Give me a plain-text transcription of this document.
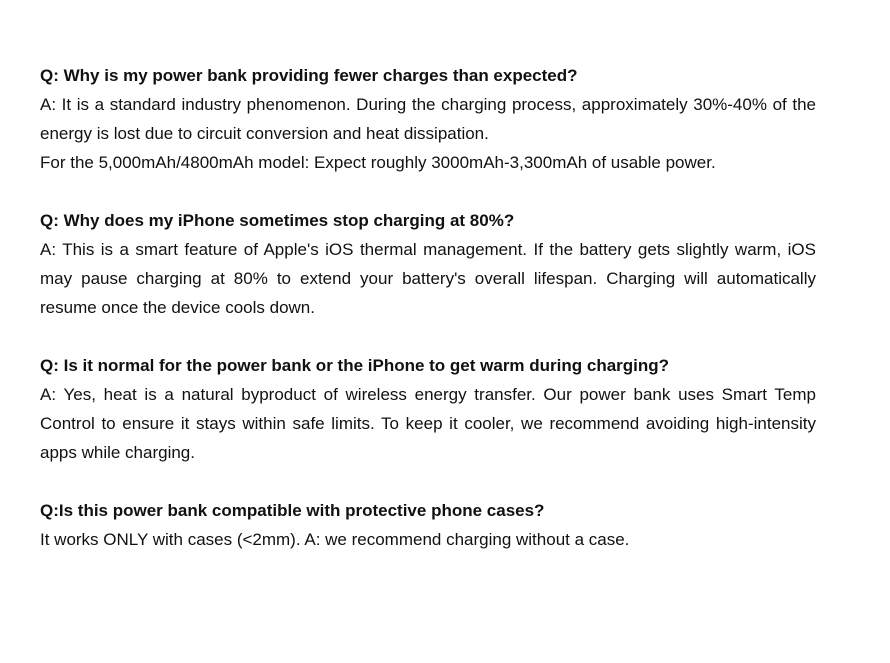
Q: Why is my power bank providing fewer charges than expected?

A: It is a standard industry phenomenon. During the charging process, approximately 30%-40% of the energy is lost due to circuit conversion and heat dissipation.

For the 5,000mAh/4800mAh model: Expect roughly 3000mAh-3,300mAh of usable power.

Q: Why does my iPhone sometimes stop charging at 80%?

A: This is a smart feature of Apple's iOS thermal management. If the battery gets slightly warm, iOS may pause charging at 80% to extend your battery's overall lifespan. Charging will automatically resume once the device cools down.

Q: Is it normal for the power bank or the iPhone to get warm during charging?

A: Yes, heat is a natural byproduct of wireless energy transfer. Our power bank uses Smart Temp Control to ensure it stays within safe limits. To keep it cooler, we recommend avoiding high-intensity apps while charging.

Q:Is this power bank compatible with protective phone cases?

It works ONLY with cases (<2mm). A: we recommend charging without a case.
